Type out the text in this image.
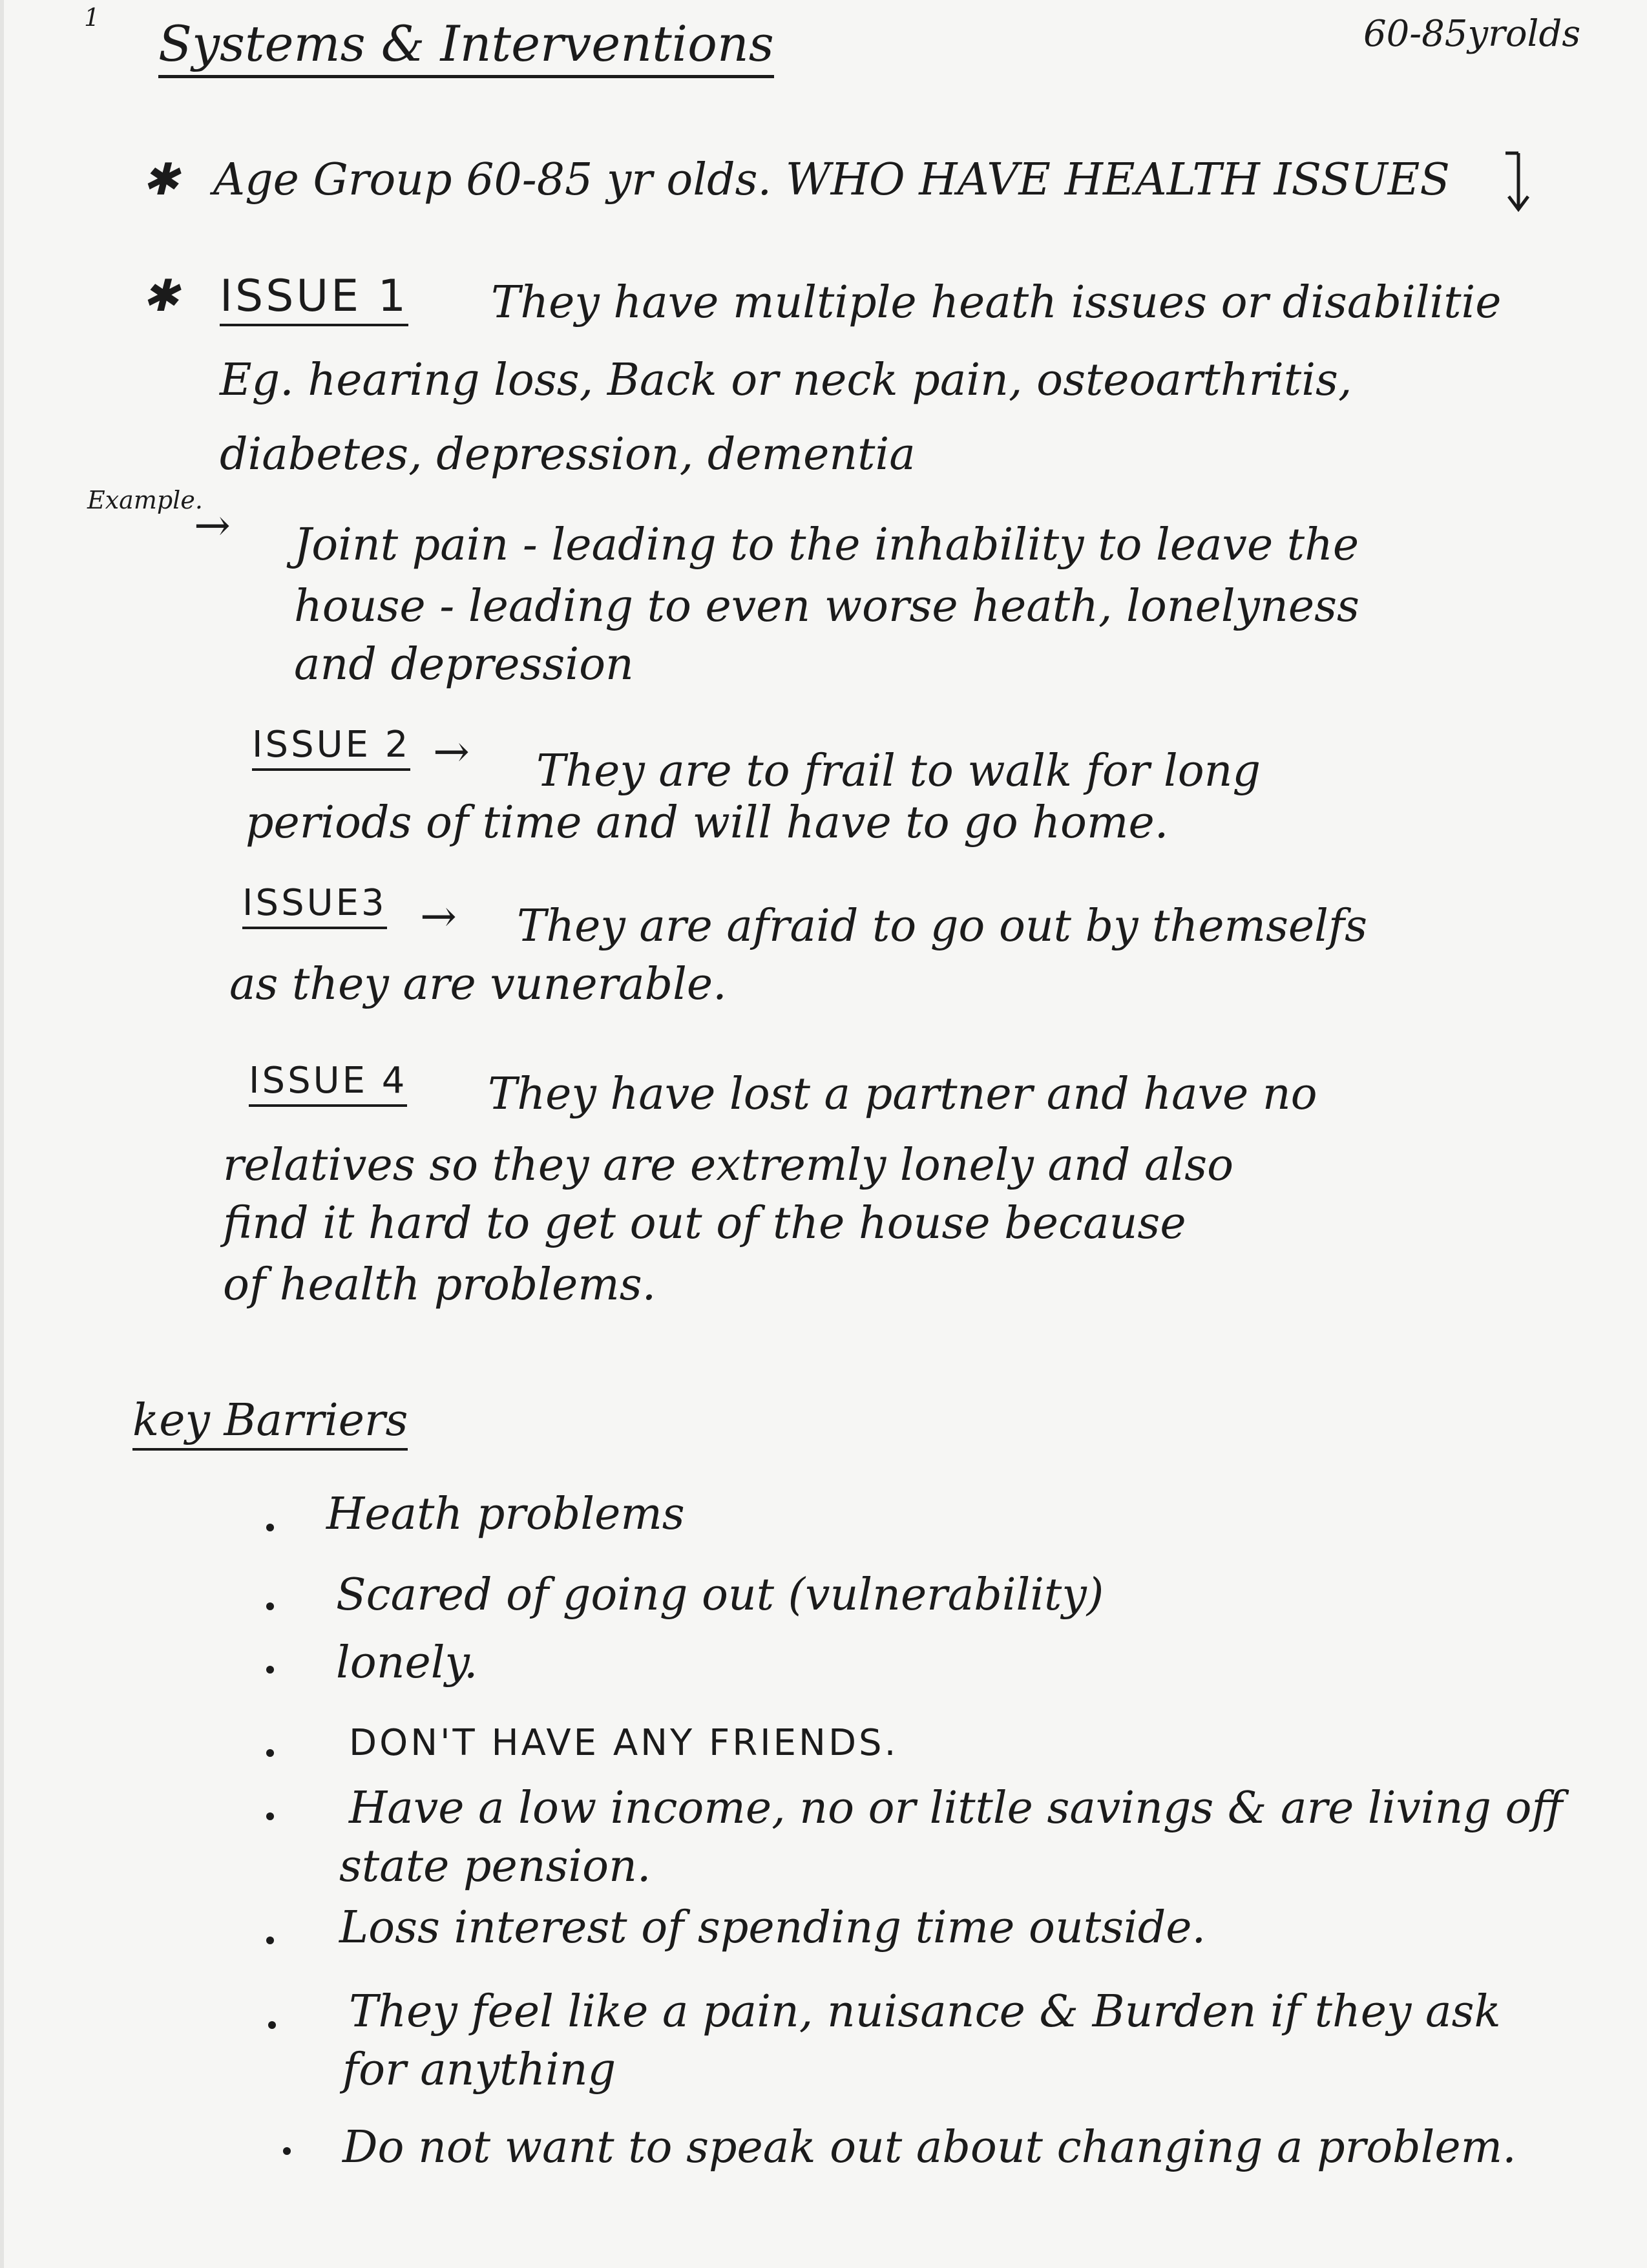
1 Systems & Interventions	60-85yrolds
✱ Age Group 60-85 yr olds. WHO HAVE HEALTH ISSUES
✱ ISSUE 1 They have multiple heath issues or disabilitie
Eg. hearing loss, Back or neck pain, osteoarthritis,
diabetes, depression, dementia
Example.
→ Joint pain - leading to the inhability to leave the
house - leading to even worse heath, lonelyness
and depression
ISSUE 2 → They are to frail to walk for long
periods of time and will have to go home.
ISSUE3 → They are afraid to go out by themselfs
as they are vunerable.
ISSUE 4 They have lost a partner and have no
relatives so they are extremly lonely and also
find it hard to get out of the house because
of health problems.
key Barriers
Heath problems
Scared of going out (vulnerability)
lonely.
DON'T HAVE ANY FRIENDS.
Have a low income, no or little savings & are living off
state pension.
Loss interest of spending time outside.
They feel like a pain, nuisance & Burden if they ask
for anything
Do not want to speak out about changing a problem.
